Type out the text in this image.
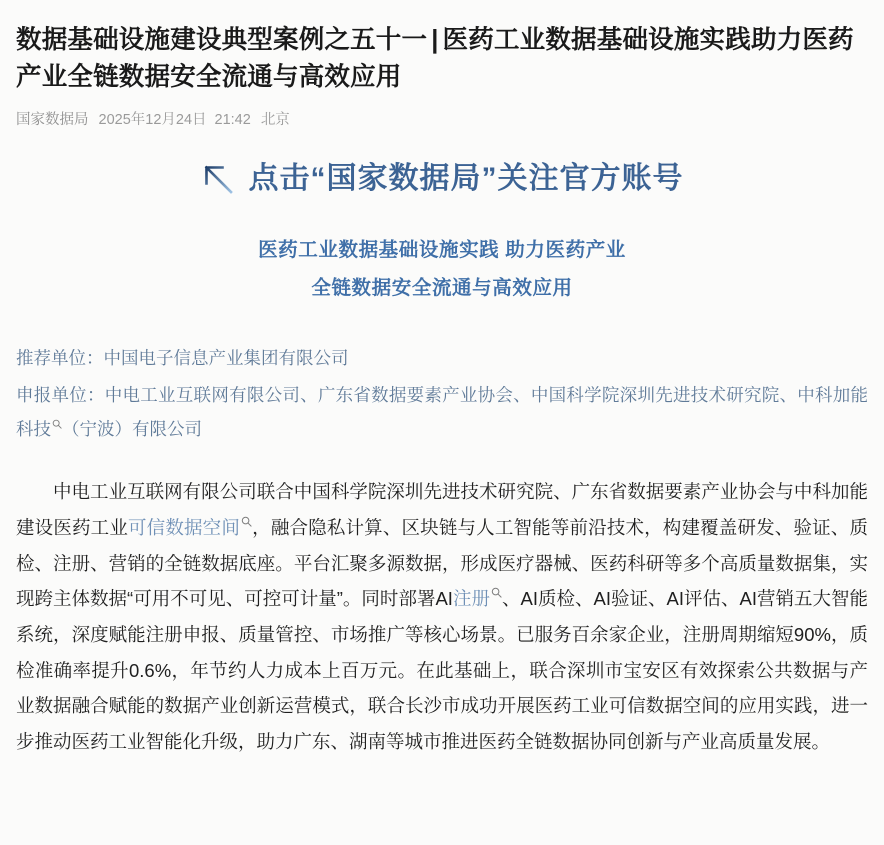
数据基础设施建设典型案例之五十一 | 医药工业数据基础设施实践助力医药产业全链数据安全流通与高效应用
国家数据局 2025年12月24日 21:42 北京
点击“国家数据局”关注官方账号
医药工业数据基础设施实践 助力医药产业
全链数据安全流通与高效应用
推荐单位：中国电子信息产业集团有限公司
申报单位：中电工业互联网有限公司、广东省数据要素产业协会、中国科学院深圳先进技术研究院、中科加能科技 （宁波）有限公司

中电工业互联网有限公司联合中国科学院深圳先进技术研究院、广东省数据要素产业协会与中科加能建设医药工业可信数据空间 ，融合隐私计算、区块链与人工智能等前沿技术，构建覆盖研发、验证、质检、注册、营销的全链数据底座。平台汇聚多源数据，形成医疗器械、医药科研等多个高质量数据集，实现跨主体数据“可用不可见、可控可计量”。同时部署AI注册 、AI质检、AI验证、AI评估、AI营销五大智能系统，深度赋能注册申报、质量管控、市场推广等核心场景。已服务百余家企业，注册周期缩短90%，质检准确率提升0.6%，年节约人力成本上百万元。在此基础上，联合深圳市宝安区有效探索公共数据与产业数据融合赋能的数据产业创新运营模式，联合长沙市成功开展医药工业可信数据空间的应用实践，进一步推动医药工业智能化升级，助力广东、湖南等城市推进医药全链数据协同创新与产业高质量发展。
